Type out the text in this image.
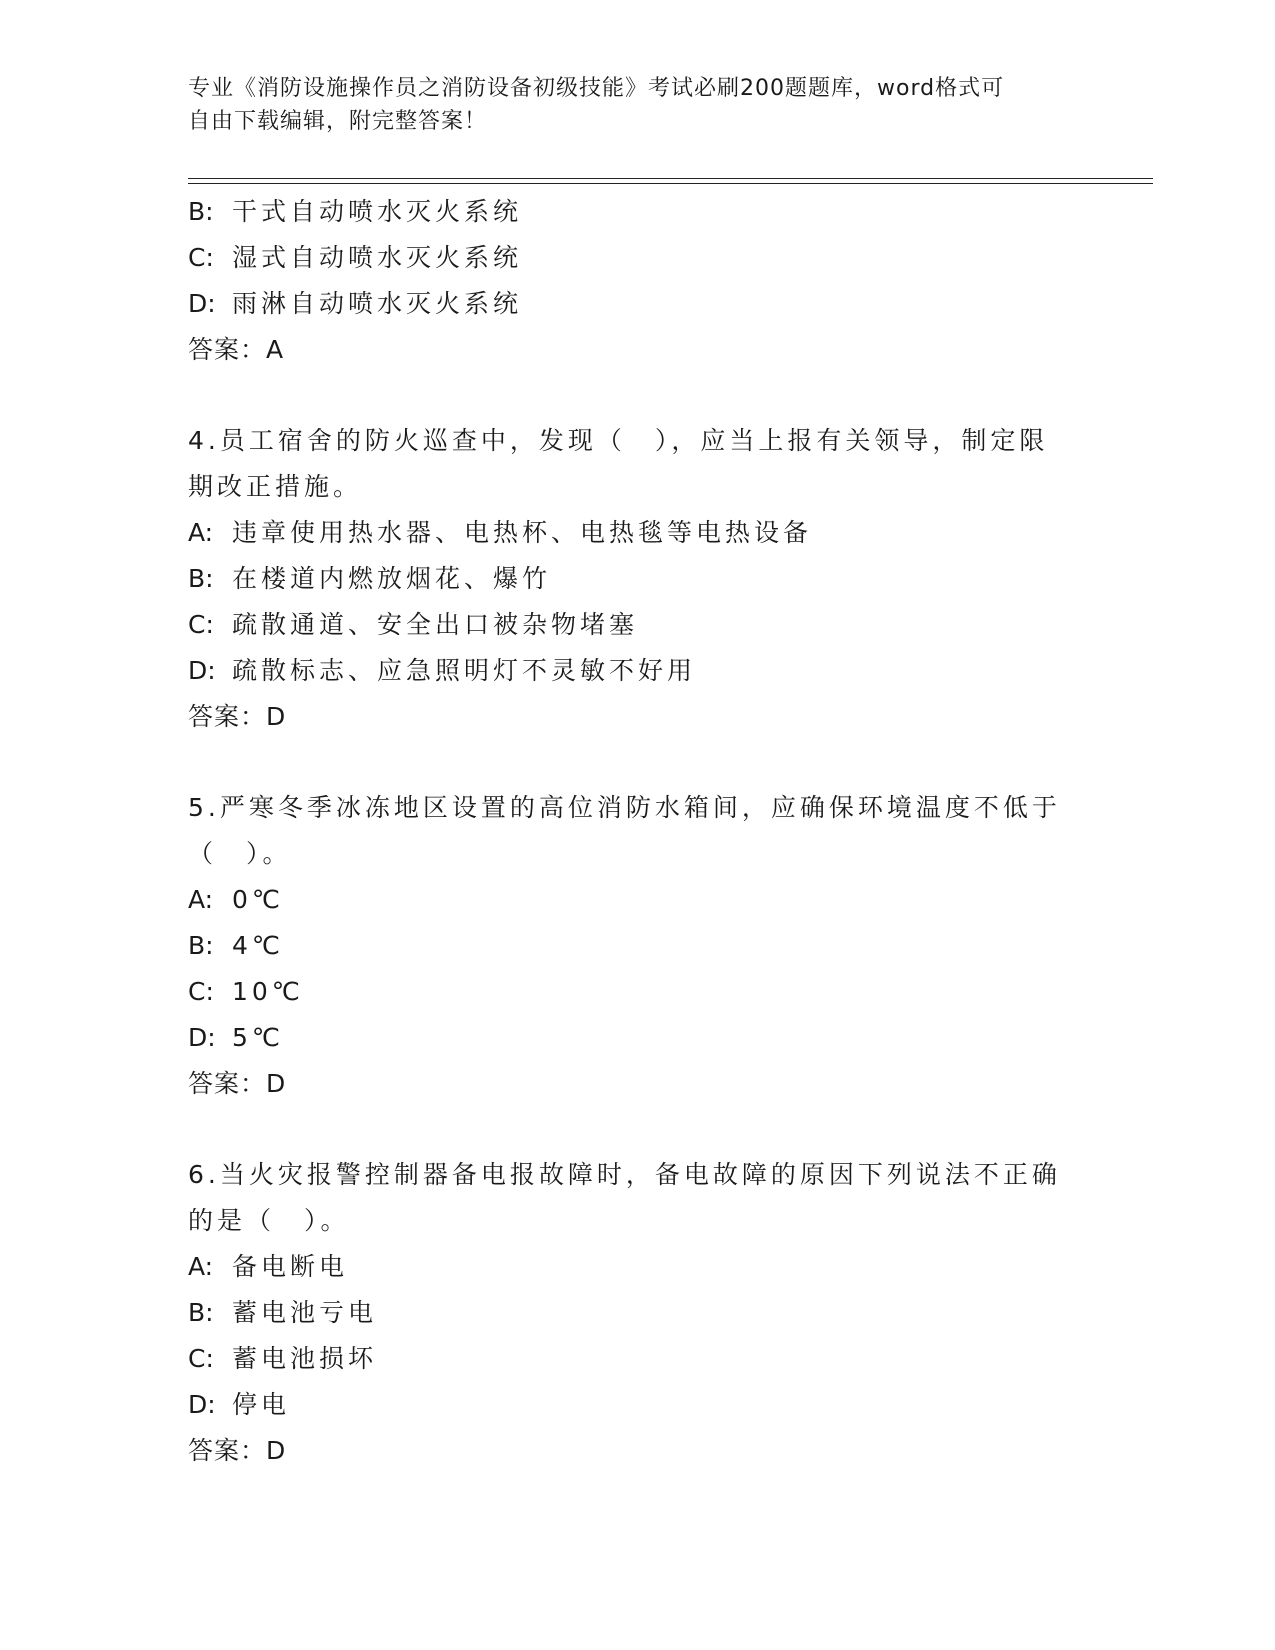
专业《消防设施操作员之消防设备初级技能》考试必刷200题题库，word格式可
自由下载编辑，附完整答案！
B: 干式自动喷水灭火系统
C: 湿式自动喷水灭火系统
D: 雨淋自动喷水灭火系统
答案：A
4.员工宿舍的防火巡查中，发现（　），应当上报有关领导，制定限
期改正措施。
A: 违章使用热水器、电热杯、电热毯等电热设备
B: 在楼道内燃放烟花、爆竹
C: 疏散通道、安全出口被杂物堵塞
D: 疏散标志、应急照明灯不灵敏不好用
答案：D
5.严寒冬季冰冻地区设置的高位消防水箱间，应确保环境温度不低于
（　）。
A: 0℃
B: 4℃
C: 10℃
D: 5℃
答案：D
6.当火灾报警控制器备电报故障时，备电故障的原因下列说法不正确
的是（　）。
A: 备电断电
B: 蓄电池亏电
C: 蓄电池损坏
D: 停电
答案：D
